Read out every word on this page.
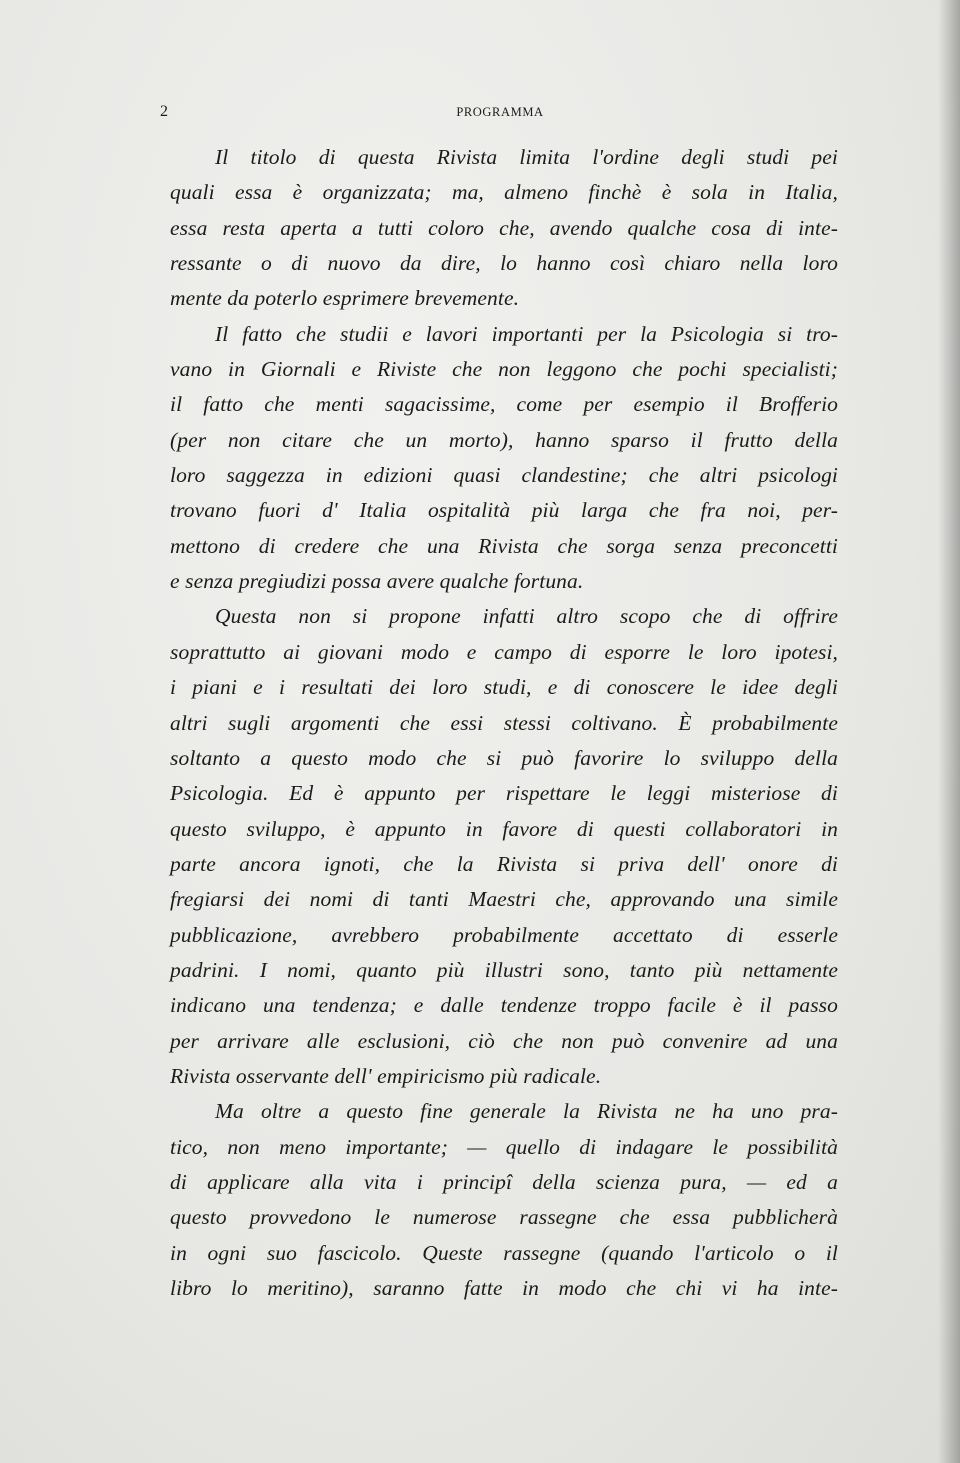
2	PROGRAMMA
Il titolo di questa Rivista limita l'ordine degli studi pei
quali essa è organizzata; ma, almeno finchè è sola in Italia,
essa resta aperta a tutti coloro che, avendo qualche cosa di inte-
ressante o di nuovo da dire, lo hanno così chiaro nella loro
mente da poterlo esprimere brevemente.
Il fatto che studii e lavori importanti per la Psicologia si tro-
vano in Giornali e Riviste che non leggono che pochi specialisti;
il fatto che menti sagacissime, come per esempio il Brofferio
(per non citare che un morto), hanno sparso il frutto della
loro saggezza in edizioni quasi clandestine; che altri psicologi
trovano fuori d' Italia ospitalità più larga che fra noi, per-
mettono di credere che una Rivista che sorga senza preconcetti
e senza pregiudizi possa avere qualche fortuna.
Questa non si propone infatti altro scopo che di offrire
soprattutto ai giovani modo e campo di esporre le loro ipotesi,
i piani e i resultati dei loro studi, e di conoscere le idee degli
altri sugli argomenti che essi stessi coltivano. È probabilmente
soltanto a questo modo che si può favorire lo sviluppo della
Psicologia. Ed è appunto per rispettare le leggi misteriose di
questo sviluppo, è appunto in favore di questi collaboratori in
parte ancora ignoti, che la Rivista si priva dell' onore di
fregiarsi dei nomi di tanti Maestri che, approvando una simile
pubblicazione, avrebbero probabilmente accettato di esserle
padrini. I nomi, quanto più illustri sono, tanto più nettamente
indicano una tendenza; e dalle tendenze troppo facile è il passo
per arrivare alle esclusioni, ciò che non può convenire ad una
Rivista osservante dell' empiricismo più radicale.
Ma oltre a questo fine generale la Rivista ne ha uno pra-
tico, non meno importante; — quello di indagare le possibilità
di applicare alla vita i principî della scienza pura, — ed a
questo provvedono le numerose rassegne che essa pubblicherà
in ogni suo fascicolo. Queste rassegne (quando l'articolo o il
libro lo meritino), saranno fatte in modo che chi vi ha inte-
